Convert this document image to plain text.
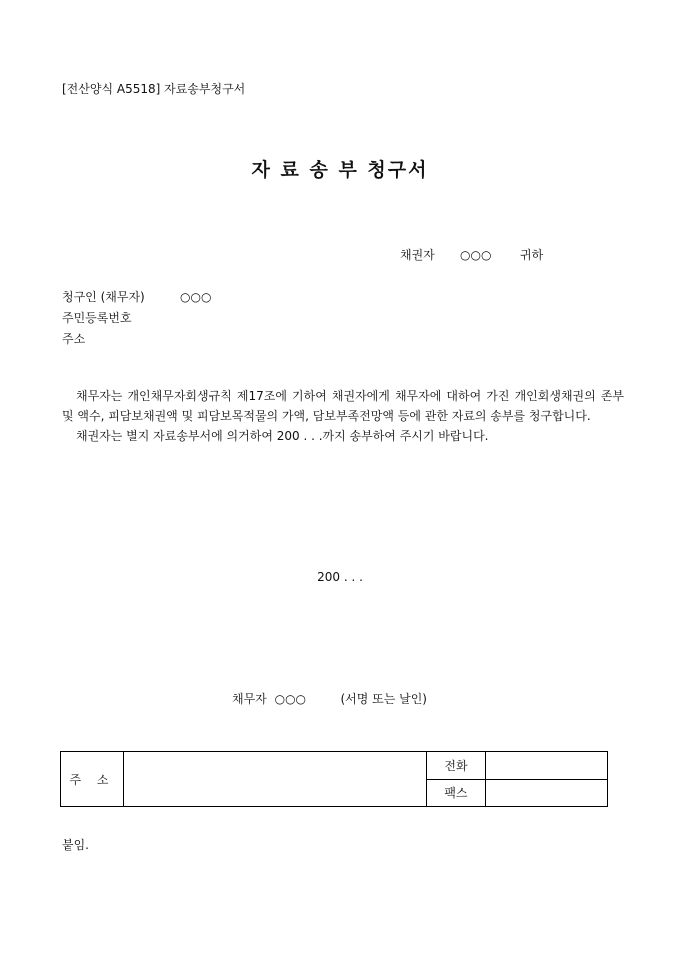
[전산양식 A5518] 자료송부청구서
자 료 송 부 청구서
채권자 ○○○ 귀하
청구인 (채무자)	○○○
주민등록번호
주소

채무자는 개인채무자회생규칙 제17조에 기하여 채권자에게 채무자에 대하여 가진 개인회생채권의 존부 및 액수, 피담보채권액 및 피담보목적물의 가액, 담보부족전망액 등에 관한 자료의 송부를 청구합니다.

채권자는 별지 자료송부서에 의거하여 200 . . .까지 송부하여 주시기 바랍니다.

200 . . .
채무자 ○○○	(서명 또는 날인)
주 소		전화	
		팩스	
붙임.
